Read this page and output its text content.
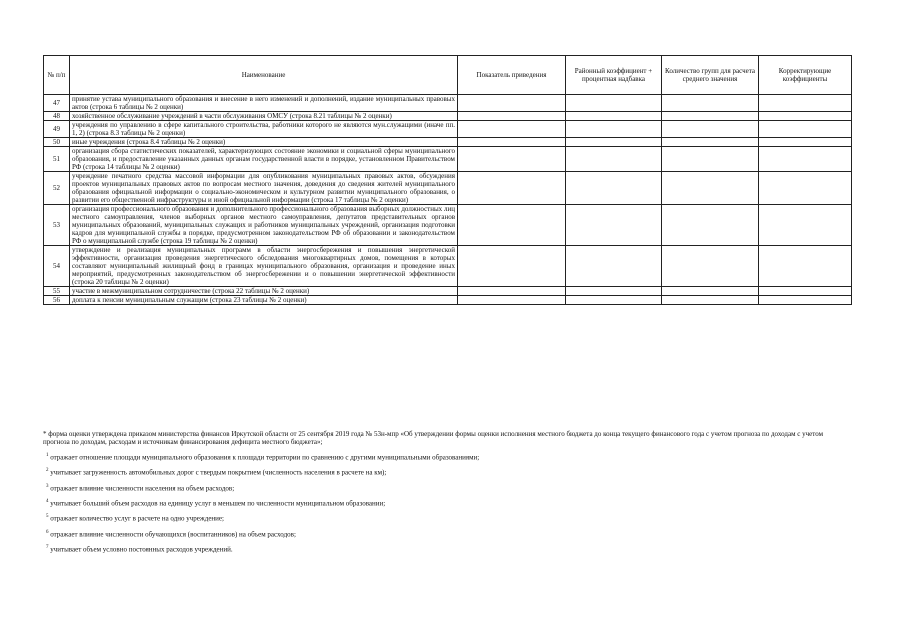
№ п/п	Наименование	Показатель приведения	Районный коэффициент + процентная надбавка	Количество групп для расчета среднего значения	Корректирующие коэффициенты
47	принятие устава муниципального образования и внесение в него изменений и дополнений, издание муниципальных правовых актов (строка 6 таблицы № 2 оценки)				
48	хозяйственное обслуживание учреждений в части обслуживания ОМСУ (строка 8.21 таблицы № 2 оценки)				
49	учреждения по управлению в сфере капитального строительства, работники которого не являются мун.служащими (иначе пп. 1, 2) (строка 8.3 таблицы № 2 оценки)				
50	иные учреждения (строка 8.4 таблицы № 2 оценки)				
51	организация сбора статистических показателей, характеризующих состояние экономики и социальной сферы муниципального образования, и предоставление указанных данных органам государственной власти в порядке, установленном Правительством РФ (строка 14 таблицы № 2 оценки)				
52	учреждение печатного средства массовой информации для опубликования муниципальных правовых актов, обсуждения проектов муниципальных правовых актов по вопросам местного значения, доведения до сведения жителей муниципального образования официальной информации о социально-экономическом и культурном развитии муниципального образования, о развитии его общественной инфраструктуры и иной официальной информации (строка 17 таблицы № 2 оценки)				
53	организация профессионального образования и дополнительного профессионального образования выборных должностных лиц местного самоуправления, членов выборных органов местного самоуправления, депутатов представительных органов муниципальных образований, муниципальных служащих и работников муниципальных учреждений, организация подготовки кадров для муниципальной службы в порядке, предусмотренном законодательством РФ об образовании и законодательством РФ о муниципальной службе (строка 19 таблицы № 2 оценки)				
54	утверждение и реализация муниципальных программ в области энергосбережения и повышения энергетической эффективности, организация проведения энергетического обследования многоквартирных домов, помещения в которых составляют муниципальный жилищный фонд в границах муниципального образования, организация и проведение иных мероприятий, предусмотренных законодательством об энергосбережении и о повышении энергетической эффективности (строка 20 таблицы № 2 оценки)				
55	участие в межмуниципальном сотрудничестве (строка 22 таблицы № 2 оценки)				
56	доплата к пенсии муниципальным служащим (строка 23 таблицы № 2 оценки)				

* форма оценки утверждена приказом министерства финансов Иркутской области от 25 сентября 2019 года № 53н-мпр «Об утверждении формы оценки исполнения местного бюджета до конца текущего финансового года с учетом прогноза по доходам с учетом прогноза по доходам, расходам и источникам финансирования дефицита местного бюджета»;

$^1$ отражает отношение площади муниципального образования к площади территории по сравнению с другими муниципальными образованиями;

$^2$ учитывает загруженность автомобильных дорог с твердым покрытием (численность населения в расчете на км);

$^3$ отражает влияние численности населения на объем расходов;

$^4$ учитывает больший объем расходов на единицу услуг в меньшем по численности муниципальном образовании;

$^5$ отражает количество услуг в расчете на одно учреждение;

$^6$ отражает влияние численности обучающихся (воспитанников) на объем расходов;

$^7$ учитывает объем условно постоянных расходов учреждений.
